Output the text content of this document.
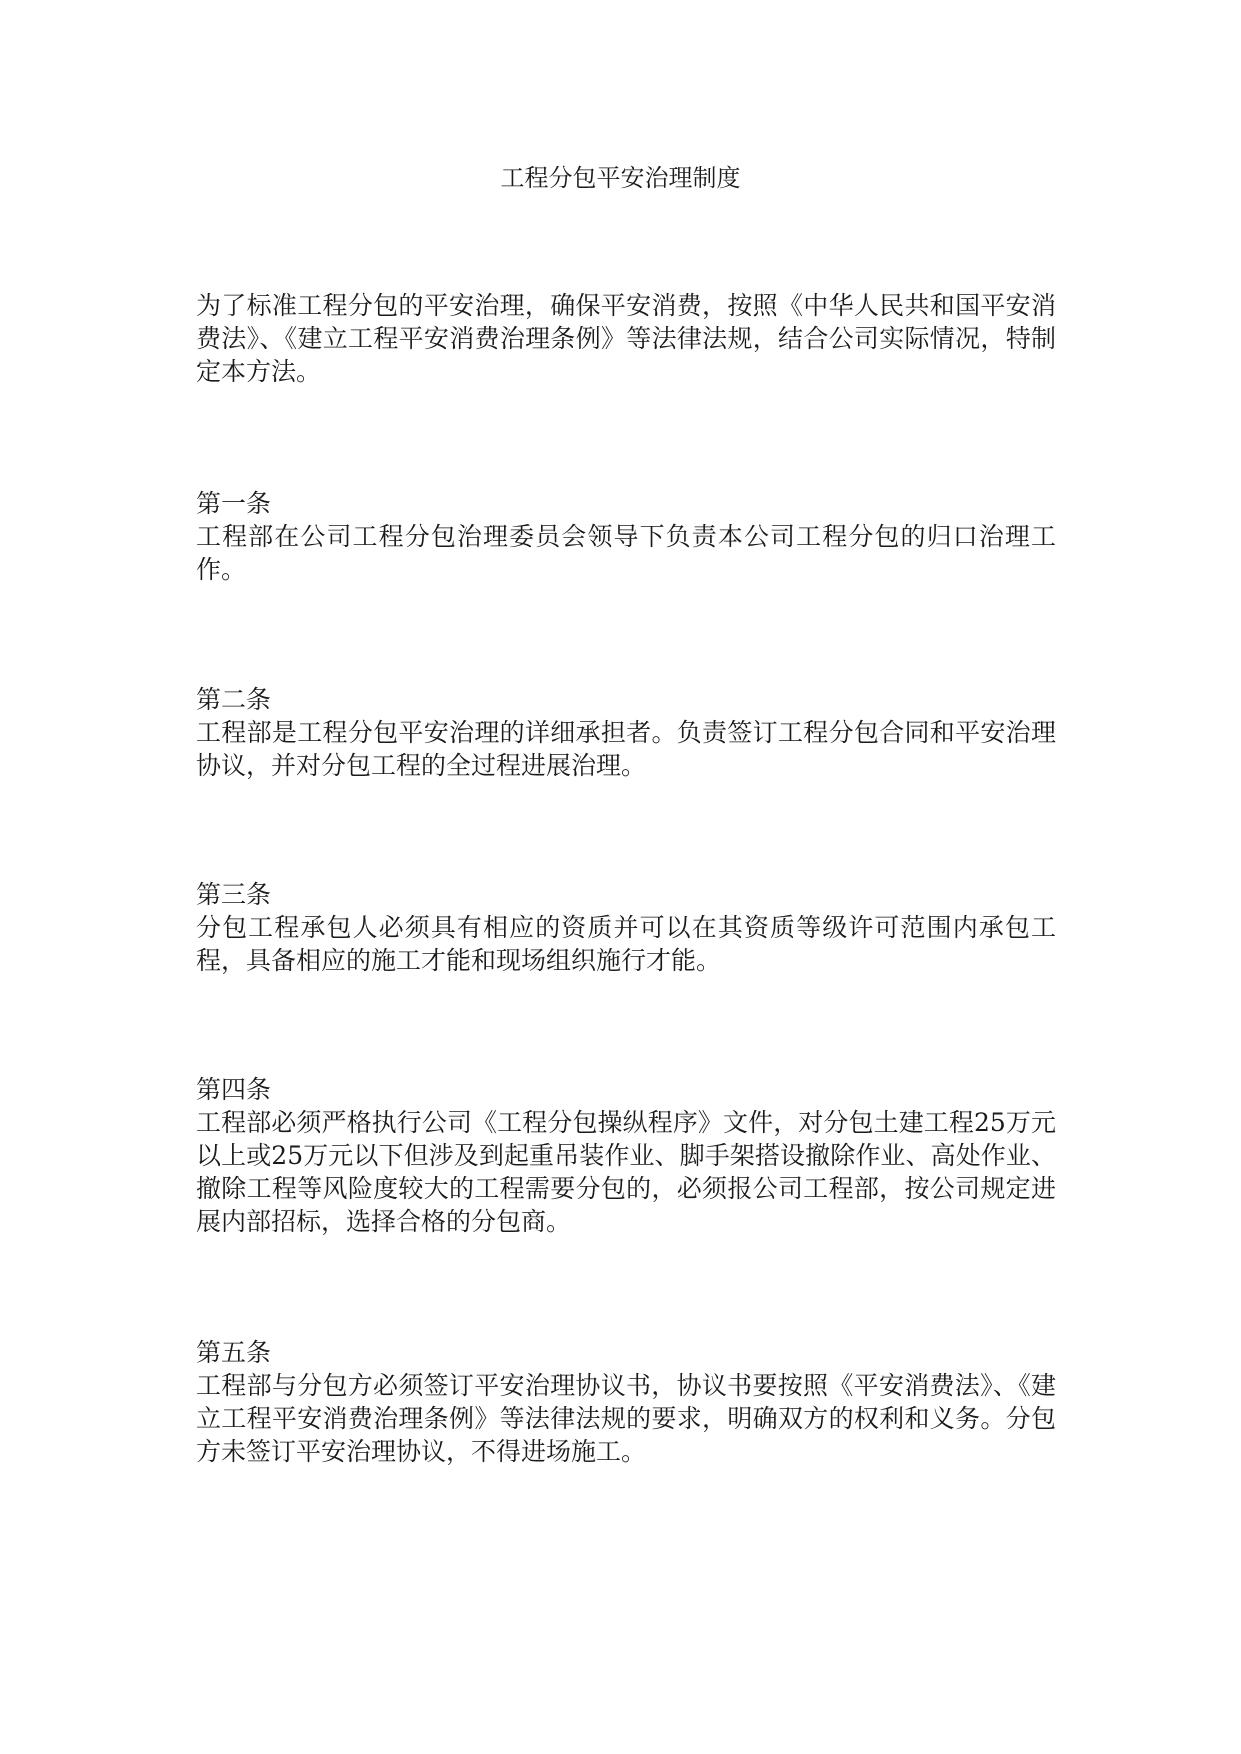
工程分包平安治理制度

为了标准工程分包的平安治理，确保平安消费，按照《中华人民共和国平安消费法》、《建立工程平安消费治理条例》等法律法规，结合公司实际情况，特制定本方法。

第一条

工程部在公司工程分包治理委员会领导下负责本公司工程分包的归口治理工作。

第二条

工程部是工程分包平安治理的详细承担者。负责签订工程分包合同和平安治理协议，并对分包工程的全过程进展治理。

第三条

分包工程承包人必须具有相应的资质并可以在其资质等级许可范围内承包工程，具备相应的施工才能和现场组织施行才能。

第四条

工程部必须严格执行公司《工程分包操纵程序》文件，对分包土建工程25万元以上或25万元以下但涉及到起重吊装作业、脚手架搭设撤除作业、高处作业、撤除工程等风险度较大的工程需要分包的，必须报公司工程部，按公司规定进展内部招标，选择合格的分包商。

第五条

工程部与分包方必须签订平安治理协议书，协议书要按照《平安消费法》、《建立工程平安消费治理条例》等法律法规的要求，明确双方的权利和义务。分包方未签订平安治理协议，不得进场施工。
